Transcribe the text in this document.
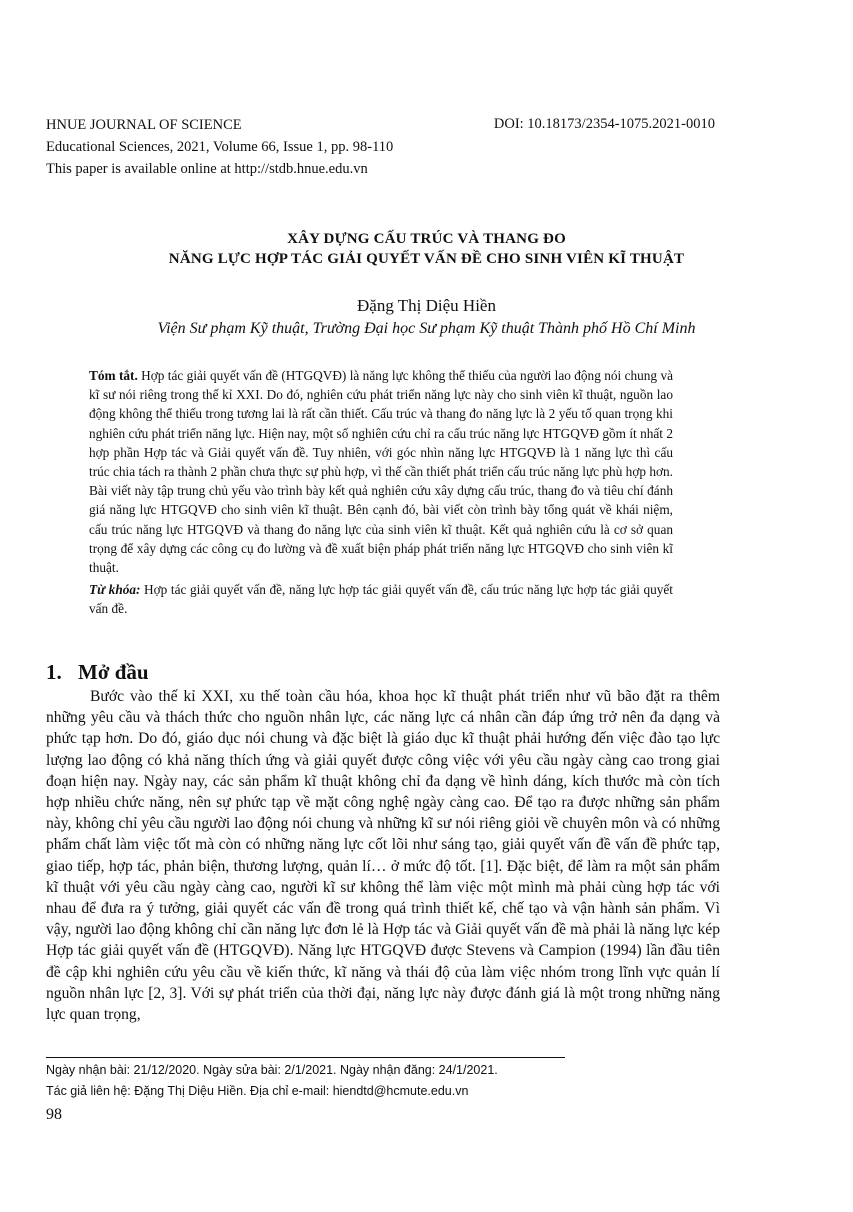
HNUE JOURNAL OF SCIENCE	DOI: 10.18173/2354-1075.2021-0010
Educational Sciences, 2021, Volume 66, Issue 1, pp. 98-110
This paper is available online at http://stdb.hnue.edu.vn
XÂY DỰNG CẤU TRÚC VÀ THANG ĐO
NĂNG LỰC HỢP TÁC GIẢI QUYẾT VẤN ĐỀ CHO SINH VIÊN KĨ THUẬT
Đặng Thị Diệu Hiền
Viện Sư phạm Kỹ thuật, Trường Đại học Sư phạm Kỹ thuật Thành phố Hồ Chí Minh

Tóm tắt. Hợp tác giải quyết vấn đề (HTGQVĐ) là năng lực không thể thiếu của người lao động nói chung và kĩ sư nói riêng trong thế kỉ XXI. Do đó, nghiên cứu phát triển năng lực này cho sinh viên kĩ thuật, nguồn lao động không thể thiếu trong tương lai là rất cần thiết. Cấu trúc và thang đo năng lực là 2 yếu tố quan trọng khi nghiên cứu phát triển năng lực. Hiện nay, một số nghiên cứu chỉ ra cấu trúc năng lực HTGQVĐ gồm ít nhất 2 hợp phần Hợp tác và Giải quyết vấn đề. Tuy nhiên, với góc nhìn năng lực HTGQVĐ là 1 năng lực thì cấu trúc chia tách ra thành 2 phần chưa thực sự phù hợp, vì thế cần thiết phát triển cấu trúc năng lực phù hợp hơn. Bài viết này tập trung chủ yếu vào trình bày kết quả nghiên cứu xây dựng cấu trúc, thang đo và tiêu chí đánh giá năng lực HTGQVĐ cho sinh viên kĩ thuật. Bên cạnh đó, bài viết còn trình bày tổng quát về khái niệm, cấu trúc năng lực HTGQVĐ và thang đo năng lực của sinh viên kĩ thuật. Kết quả nghiên cứu là cơ sở quan trọng để xây dựng các công cụ đo lường và đề xuất biện pháp phát triển năng lực HTGQVĐ cho sinh viên kĩ thuật.

Từ khóa: Hợp tác giải quyết vấn đề, năng lực hợp tác giải quyết vấn đề, cấu trúc năng lực hợp tác giải quyết vấn đề.

1. Mở đầu

Bước vào thế kỉ XXI, xu thế toàn cầu hóa, khoa học kĩ thuật phát triển như vũ bão đặt ra thêm những yêu cầu và thách thức cho nguồn nhân lực, các năng lực cá nhân cần đáp ứng trở nên đa dạng và phức tạp hơn. Do đó, giáo dục nói chung và đặc biệt là giáo dục kĩ thuật phải hướng đến việc đào tạo lực lượng lao động có khả năng thích ứng và giải quyết được công việc với yêu cầu ngày càng cao trong giai đoạn hiện nay. Ngày nay, các sản phẩm kĩ thuật không chỉ đa dạng về hình dáng, kích thước mà còn tích hợp nhiều chức năng, nên sự phức tạp về mặt công nghệ ngày càng cao. Để tạo ra được những sản phẩm này, không chỉ yêu cầu người lao động nói chung và những kĩ sư nói riêng giỏi về chuyên môn và có những phẩm chất làm việc tốt mà còn có những năng lực cốt lõi như sáng tạo, giải quyết vấn đề vấn đề phức tạp, giao tiếp, hợp tác, phản biện, thương lượng, quản lí… ở mức độ tốt. [1]. Đặc biệt, để làm ra một sản phẩm kĩ thuật với yêu cầu ngày càng cao, người kĩ sư không thể làm việc một mình mà phải cùng hợp tác với nhau để đưa ra ý tưởng, giải quyết các vấn đề trong quá trình thiết kế, chế tạo và vận hành sản phẩm. Vì vậy, người lao động không chỉ cần năng lực đơn lẻ là Hợp tác và Giải quyết vấn đề mà phải là năng lực kép Hợp tác giải quyết vấn đề (HTGQVĐ). Năng lực HTGQVĐ được Stevens và Campion (1994) lần đầu tiên đề cập khi nghiên cứu yêu cầu về kiến thức, kĩ năng và thái độ của làm việc nhóm trong lĩnh vực quản lí nguồn nhân lực [2, 3]. Với sự phát triển của thời đại, năng lực này được đánh giá là một trong những năng lực quan trọng,

Ngày nhận bài: 21/12/2020. Ngày sửa bài: 2/1/2021. Ngày nhận đăng: 24/1/2021.
Tác giả liên hệ: Đặng Thị Diệu Hiền. Địa chỉ e-mail: hiendtd@hcmute.edu.vn
98
